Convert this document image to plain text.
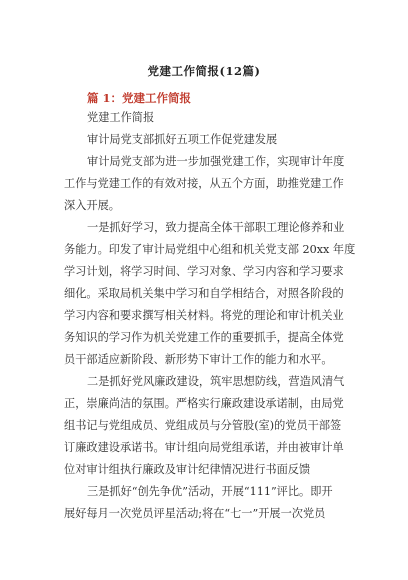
党建工作简报(12篇)
篇 1：党建工作简报
党建工作简报
审计局党支部抓好五项工作促党建发展
审计局党支部为进一步加强党建工作，实现审计年度
工作与党建工作的有效对接，从五个方面，助推党建工作
深入开展。
一是抓好学习，致力提高全体干部职工理论修养和业
务能力。印发了审计局党组中心组和机关党支部 20xx 年度
学习计划，将学习时间、学习对象、学习内容和学习要求
细化。采取局机关集中学习和自学相结合，对照各阶段的
学习内容和要求撰写相关材料。将党的理论和审计机关业
务知识的学习作为机关党建工作的重要抓手，提高全体党
员干部适应新阶段、新形势下审计工作的能力和水平。
二是抓好党风廉政建设，筑牢思想防线，营造风清气
正，崇廉尚洁的氛围。严格实行廉政建设承诺制，由局党
组书记与党组成员、党组成员与分管股(室)的党员干部签
订廉政建设承诺书。审计组向局党组承诺，并由被审计单
位对审计组执行廉政及审计纪律情况进行书面反馈
三是抓好“创先争优”活动，开展“111”评比。即开
展好每月一次党员评星活动;将在“七一”开展一次党员
